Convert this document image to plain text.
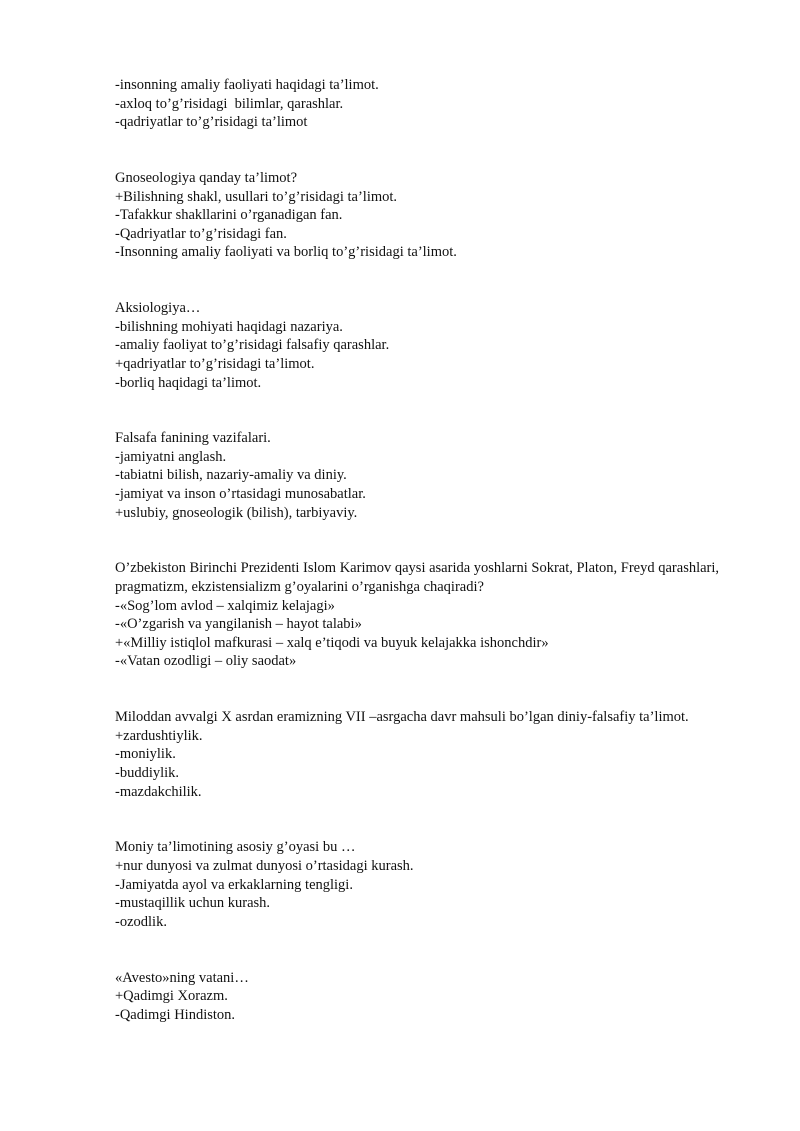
-insonning amaliy faoliyati haqidagi ta’limot.
-axloq to’g’risidagi  bilimlar, qarashlar.
-qadriyatlar to’g’risidagi ta’limot
Gnoseologiya qanday ta’limot?
+Bilishning shakl, usullari to’g’risidagi ta’limot.
-Tafakkur shakllarini o’rganadigan fan.
-Qadriyatlar to’g’risidagi fan.
-Insonning amaliy faoliyati va borliq to’g’risidagi ta’limot.
Aksiologiya…
-bilishning mohiyati haqidagi nazariya.
-amaliy faoliyat to’g’risidagi falsafiy qarashlar.
+qadriyatlar to’g’risidagi ta’limot.
-borliq haqidagi ta’limot.
Falsafa fanining vazifalari.
-jamiyatni anglash.
-tabiatni bilish, nazariy-amaliy va diniy.
-jamiyat va inson o’rtasidagi munosabatlar.
+uslubiy, gnoseologik (bilish), tarbiyaviy.
O’zbekiston Birinchi Prezidenti Islom Karimov qaysi asarida yoshlarni Sokrat, Platon, Freyd qarashlari, pragmatizm, ekzistensializm g’oyalarini o’rganishga chaqiradi?
-«Sog’lom avlod – xalqimiz kelajagi»
-«O’zgarish va yangilanish – hayot talabi»
+«Milliy istiqlol mafkurasi – xalq e’tiqodi va buyuk kelajakka ishonchdir»
-«Vatan ozodligi – oliy saodat»
Miloddan avvalgi X asrdan eramizning VII –asrgacha davr mahsuli bo’lgan diniy-falsafiy ta’limot.
+zardushtiylik.
-moniylik.
-buddiylik.
-mazdakchilik.
Moniy ta’limotining asosiy g’oyasi bu …
+nur dunyosi va zulmat dunyosi o’rtasidagi kurash.
-Jamiyatda ayol va erkaklarning tengligi.
-mustaqillik uchun kurash.
-ozodlik.
«Avesto»ning vatani…
+Qadimgi Xorazm.
-Qadimgi Hindiston.
